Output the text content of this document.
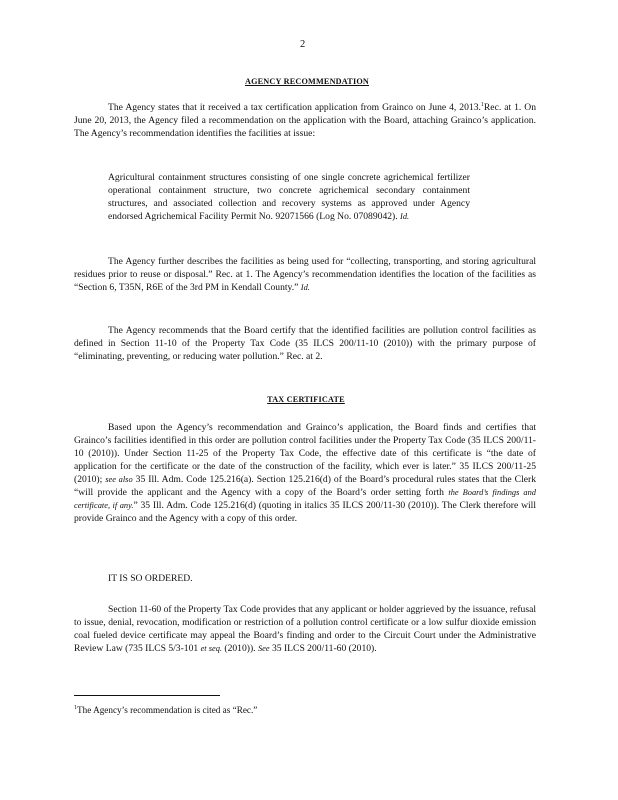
2
AGENCY RECOMMENDATION

The Agency states that it received a tax certification application from Grainco on June 4, 2013.$^1$Rec. at 1. On June 20, 2013, the Agency filed a recommendation on the application with the Board, attaching Grainco’s application. The Agency’s recommendation identifies the facilities at issue:

Agricultural containment structures consisting of one single concrete agrichemical fertilizer operational containment structure, two concrete agrichemical secondary containment structures, and associated collection and recovery systems as approved under Agency endorsed Agrichemical Facility Permit No. 92071566 (Log No. 07089042). Id.

The Agency further describes the facilities as being used for “collecting, transporting, and storing agricultural residues prior to reuse or disposal.” Rec. at 1. The Agency’s recommendation identifies the location of the facilities as “Section 6, T35N, R6E of the 3rd PM in Kendall County.” Id.

The Agency recommends that the Board certify that the identified facilities are pollution control facilities as defined in Section 11-10 of the Property Tax Code (35 ILCS 200/11-10 (2010)) with the primary purpose of “eliminating, preventing, or reducing water pollution.” Rec. at 2.

TAX CERTIFICATE

Based upon the Agency’s recommendation and Grainco’s application, the Board finds and certifies that Grainco’s facilities identified in this order are pollution control facilities under the Property Tax Code (35 ILCS 200/11-10 (2010)). Under Section 11-25 of the Property Tax Code, the effective date of this certificate is “the date of application for the certificate or the date of the construction of the facility, which ever is later.” 35 ILCS 200/11-25 (2010); see also 35 Ill. Adm. Code 125.216(a). Section 125.216(d) of the Board’s procedural rules states that the Clerk “will provide the applicant and the Agency with a copy of the Board’s order setting forth the Board’s findings and certificate, if any.” 35 Ill. Adm. Code 125.216(d) (quoting in italics 35 ILCS 200/11-30 (2010)). The Clerk therefore will provide Grainco and the Agency with a copy of this order.

IT IS SO ORDERED.

Section 11-60 of the Property Tax Code provides that any applicant or holder aggrieved by the issuance, refusal to issue, denial, revocation, modification or restriction of a pollution control certificate or a low sulfur dioxide emission coal fueled device certificate may appeal the Board’s finding and order to the Circuit Court under the Administrative Review Law (735 ILCS 5/3-101 et seq. (2010)). See 35 ILCS 200/11-60 (2010).

$^1$The Agency’s recommendation is cited as “Rec.”
